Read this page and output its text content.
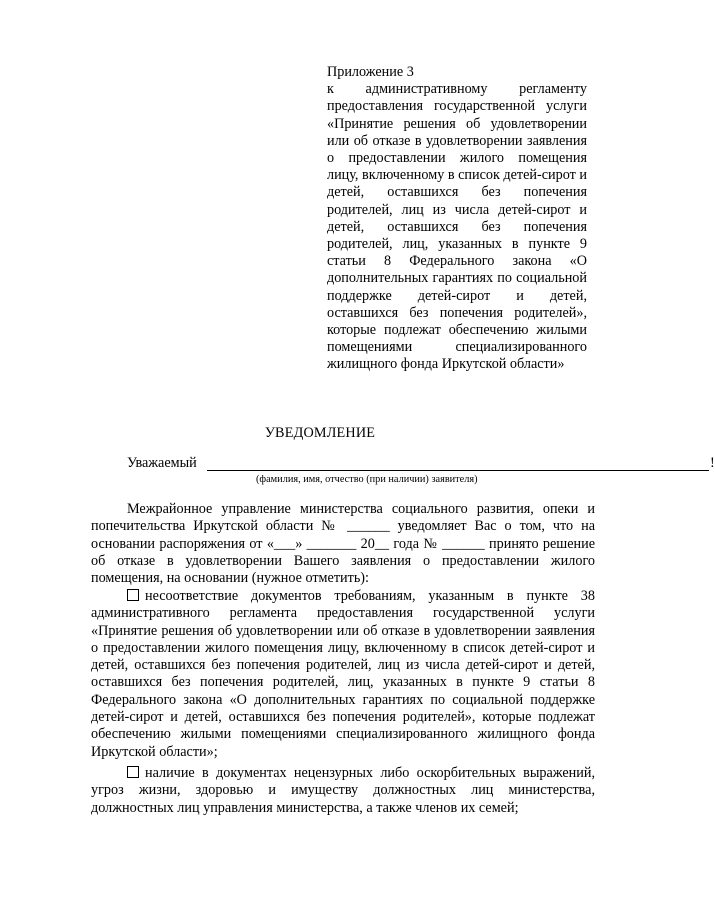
Приложение 3
к административному регламенту предоставления государственной услуги «Принятие решения об удовлетворении или об отказе в удовлетворении заявления о предоставлении жилого помещения лицу, включенному в список детей-сирот и детей, оставшихся без попечения родителей, лиц из числа детей-сирот и детей, оставшихся без попечения родителей, лиц, указанных в пункте 9 статьи 8 Федерального закона «О дополнительных гарантиях по социальной поддержке детей-сирот и детей, оставшихся без попечения родителей», которые подлежат обеспечению жилыми помещениями специализированного жилищного фонда Иркутской области»
УВЕДОМЛЕНИЕ
Уважаемый	!
(фамилия, имя, отчество (при наличии) заявителя)
Межрайонное управление министерства социального развития, опеки и попечительства Иркутской области № ______ уведомляет Вас о том, что на основании распоряжения от «___» _______ 20__ года № ______ принято решение об отказе в удовлетворении Вашего заявления о предоставлении жилого помещения, на основании (нужное отметить):
несоответствие документов требованиям, указанным в пункте 38 административного регламента предоставления государственной услуги «Принятие решения об удовлетворении или об отказе в удовлетворении заявления о предоставлении жилого помещения лицу, включенному в список детей-сирот и детей, оставшихся без попечения родителей, лиц из числа детей-сирот и детей, оставшихся без попечения родителей, лиц, указанных в пункте 9 статьи 8 Федерального закона «О дополнительных гарантиях по социальной поддержке детей-сирот и детей, оставшихся без попечения родителей», которые подлежат обеспечению жилыми помещениями специализированного жилищного фонда Иркутской области»;
наличие в документах нецензурных либо оскорбительных выражений, угроз жизни, здоровью и имуществу должностных лиц министерства, должностных лиц управления министерства, а также членов их семей;
